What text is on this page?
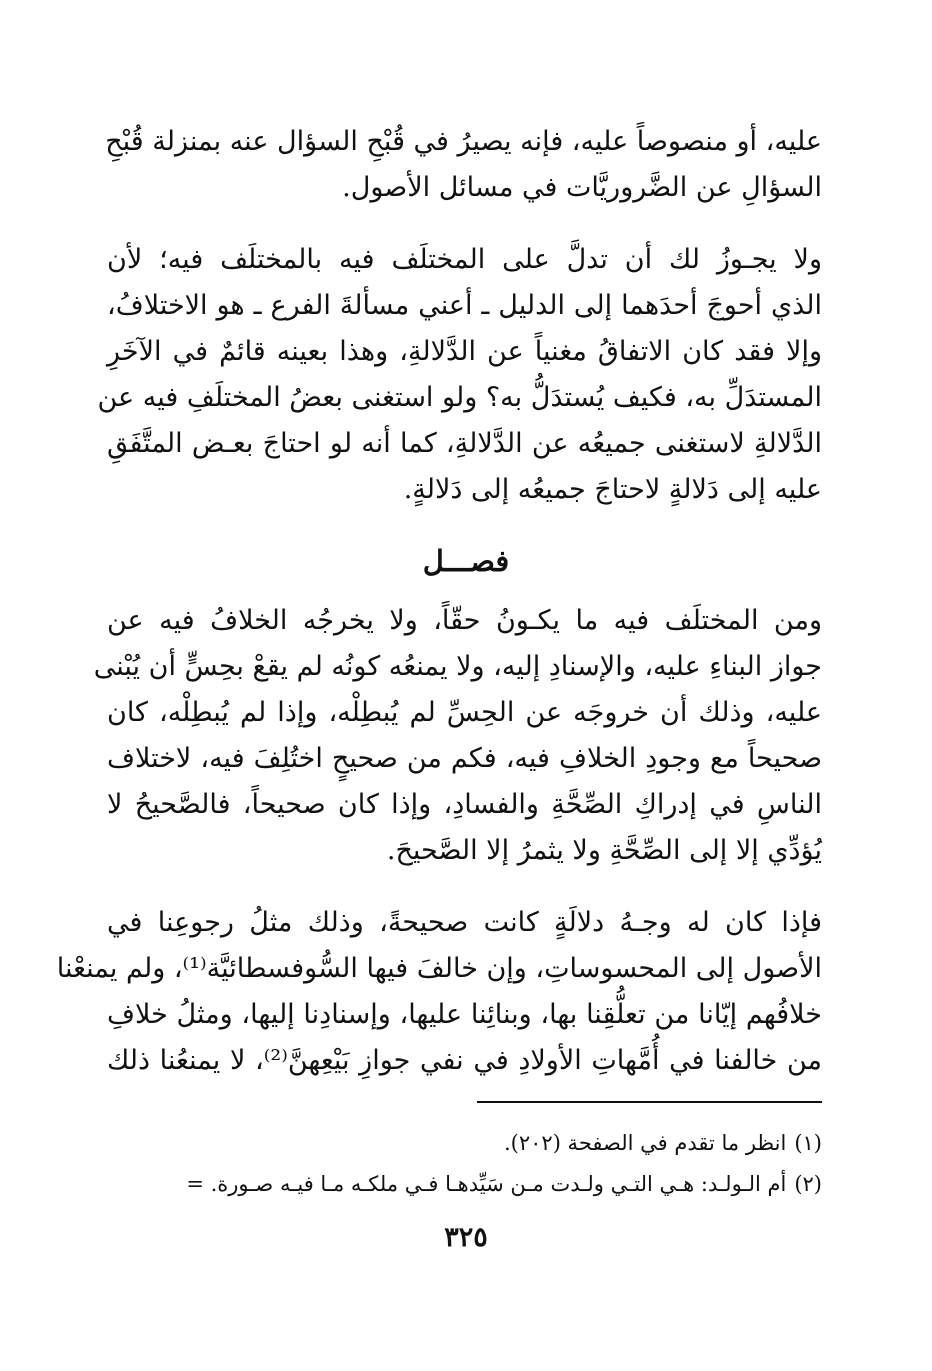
عليه، أو منصوصاً عليه، فإنه يصيرُ في قُبْحِ السؤال عنه بمنزلة قُبْحِ
السؤالِ عن الضَّروريَّات في مسائل الأصول.
ولا يجـوزُ لك أن تدلَّ على المختلَف فيه بالمختلَف فيه؛ لأن
الذي أحوجَ أحدَهما إلى الدليل ـ أعني مسألةَ الفرع ـ هو الاختلافُ،
وإلا فقد كان الاتفاقُ مغنياً عن الدَّلالةِ، وهذا بعينه قائمٌ في الآخَرِ
المستدَلِّ به، فكيف يُستدَلُّ به؟ ولو استغنى بعضُ المختلَفِ فيه عن
الدَّلالةِ لاستغنى جميعُه عن الدَّلالةِ، كما أنه لو احتاجَ بعـض المتَّفَقِ
عليه إلى دَلالةٍ لاحتاجَ جميعُه إلى دَلالةٍ.
فصـــل
ومن المختلَف فيه ما يكـونُ حقّاً، ولا يخرجُه الخلافُ فيه عن
جواز البناءِ عليه، والإسنادِ إليه، ولا يمنعُه كونُه لم يقعْ بحِسٍّ أن يُبْنى
عليه، وذلك أن خروجَه عن الحِسِّ لم يُبطِلْه، وإذا لم يُبطِلْه، كان
صحيحاً مع وجودِ الخلافِ فيه، فكم من صحيحٍ اختُلِفَ فيه، لاختلاف
الناسِ في إدراكِ الصِّحَّةِ والفسادِ، وإذا كان صحيحاً، فالصَّحيحُ لا
يُؤدِّي إلا إلى الصِّحَّةِ ولا يثمرُ إلا الصَّحيحَ.
فإذا كان له وجـهُ دلالَةٍ كانت صحيحةً، وذلك مثلُ رجوعِنا في
الأصول إلى المحسوساتِ، وإن خالفَ فيها السُّوفسطائيَّة⁽¹⁾، ولم يمنعْنا
خلافُهم إيّانا من تعلُّقِنا بها، وبنائِنا عليها، وإسنادِنا إليها، ومثلُ خلافِ
من خالفنا في أُمَّهاتِ الأولادِ في نفي جوازِ بَيْعِهنَّ⁽²⁾، لا يمنعُنا ذلك
(١)انظر ما تقدم في الصفحة (٢٠٢).
(٢)أم الـولـد: هـي التـي ولـدت مـن سَيِّدهـا فـي ملكـه مـا فيـه صـورة. =
٣٢٥
